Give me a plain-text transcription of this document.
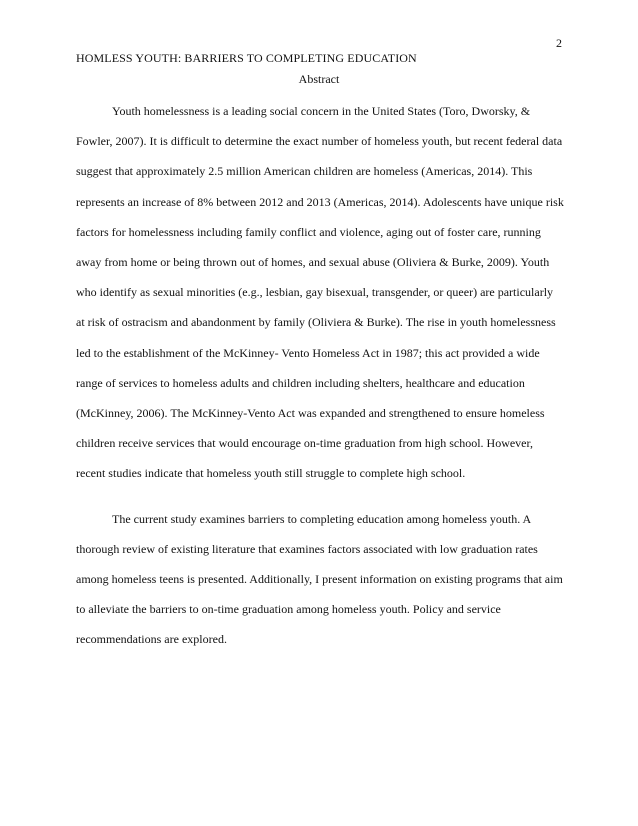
2
HOMLESS YOUTH: BARRIERS TO COMPLETING EDUCATION
Abstract

Youth homelessness is a leading social concern in the United States (Toro, Dworsky, & Fowler, 2007). It is difficult to determine the exact number of homeless youth, but recent federal data suggest that approximately 2.5 million American children are homeless (Americas, 2014). This represents an increase of 8% between 2012 and 2013 (Americas, 2014). Adolescents have unique risk factors for homelessness including family conflict and violence, aging out of foster care, running away from home or being thrown out of homes, and sexual abuse (Oliviera & Burke, 2009). Youth who identify as sexual minorities (e.g., lesbian, gay bisexual, transgender, or queer) are particularly at risk of ostracism and abandonment by family (Oliviera & Burke). The rise in youth homelessness led to the establishment of the McKinney- Vento Homeless Act in 1987; this act provided a wide range of services to homeless adults and children including shelters, healthcare and education (McKinney, 2006). The McKinney-Vento Act was expanded and strengthened to ensure homeless children receive services that would encourage on-time graduation from high school. However, recent studies indicate that homeless youth still struggle to complete high school.

The current study examines barriers to completing education among homeless youth. A thorough review of existing literature that examines factors associated with low graduation rates among homeless teens is presented. Additionally, I present information on existing programs that aim to alleviate the barriers to on-time graduation among homeless youth. Policy and service recommendations are explored.
